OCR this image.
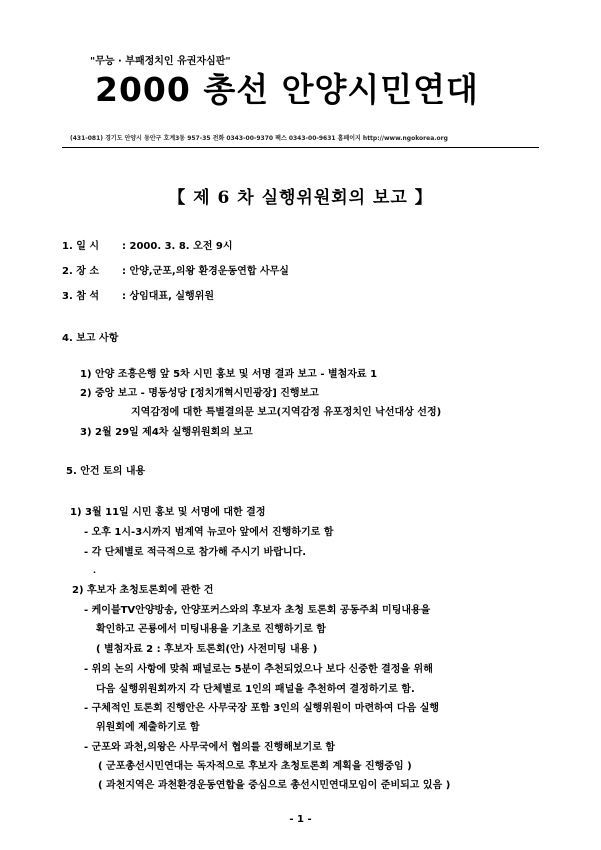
"무능 · 부패정치인 유권자심판"
2000 총선 안양시민연대
(431-081) 경기도 안양시 동안구 호계3동 957-35 전화 0343-00-9370 팩스 0343-00-9631 홈페이지 http://www.ngokorea.org
【 제 6 차 실행위원회의 보고 】
1. 일 시 : 2000. 3. 8. 오전 9시
2. 장 소 : 안양,군포,의왕 환경운동연합 사무실
3. 참 석 : 상임대표, 실행위원
4. 보고 사항
1) 안양 조흥은행 앞 5차 시민 홍보 및 서명 결과 보고 - 별첨자료 1
2) 중앙 보고 - 명동성당 [정치개혁시민광장] 진행보고
지역감정에 대한 특별결의문 보고(지역감정 유포정치인 낙선대상 선정)
3) 2월 29일 제4차 실행위원회의 보고
5. 안건 토의 내용
1) 3월 11일 시민 홍보 및 서명에 대한 결정
- 오후 1시-3시까지 범계역 뉴코아 앞에서 진행하기로 함
- 각 단체별로 적극적으로 참가해 주시기 바랍니다.
.
2) 후보자 초청토론회에 관한 건
- 케이블TV안양방송, 안양포커스와의 후보자 초청 토론회 공동주최 미팅내용을
확인하고 곤룡에서 미팅내용을 기초로 진행하기로 함
( 별첨자료 2 : 후보자 토론회(안) 사전미팅 내용 )
- 위의 논의 사항에 맞춰 패널로는 5분이 추천되었으나 보다 신중한 결정을 위해
다음 실행위원회까지 각 단체별로 1인의 패널을 추천하여 결정하기로 함.
- 구체적인 토론회 진행안은 사무국장 포함 3인의 실행위원이 마련하여 다음 실행
위원회에 제출하기로 함
- 군포와 과천,의왕은 사무국에서 협의를 진행해보기로 함
( 군포총선시민연대는 독자적으로 후보자 초청토론회 계획을 진행중임 )
( 과천지역은 과천환경운동연합을 중심으로 총선시민연대모임이 준비되고 있음 )
- 1 -
